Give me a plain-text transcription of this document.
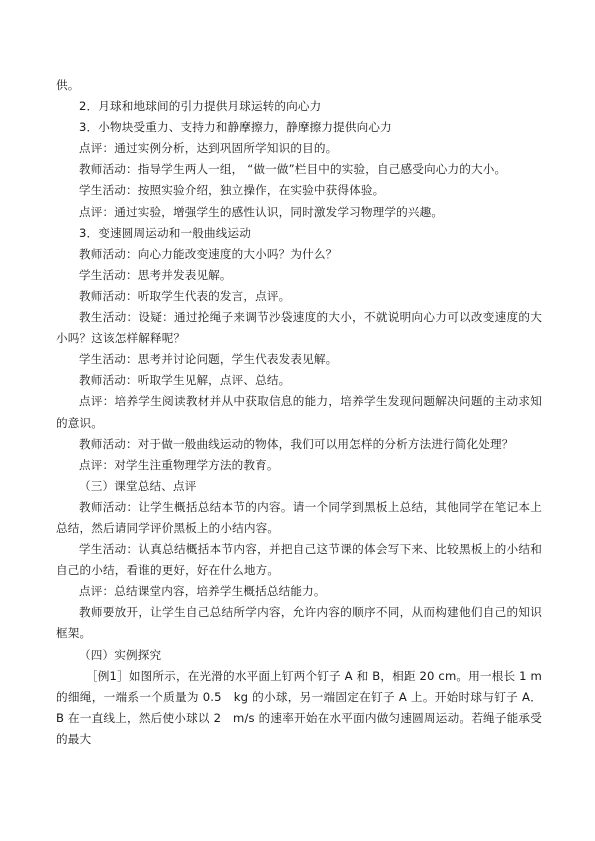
供。

2．月球和地球间的引力提供月球运转的向心力

3．小物块受重力、支持力和静摩擦力，静摩擦力提供向心力

点评：通过实例分析，达到巩固所学知识的目的。

教师活动：指导学生两人一组， “做一做”栏目中的实验，自己感受向心力的大小。

学生活动：按照实验介绍，独立操作，在实验中获得体验。

点评：通过实验，增强学生的感性认识，同时激发学习物理学的兴趣。

3．变速圆周运动和一般曲线运动

教师活动：向心力能改变速度的大小吗？为什么？

学生活动：思考并发表见解。

教师活动：听取学生代表的发言，点评。

教生活动：设疑：通过抡绳子来调节沙袋速度的大小，不就说明向心力可以改变速度的大小吗？这该怎样解释呢？

学生活动：思考并讨论问题，学生代表发表见解。

教师活动：听取学生见解，点评、总结。

点评：培养学生阅读教材并从中获取信息的能力，培养学生发现问题解决问题的主动求知的意识。

教师活动：对于做一般曲线运动的物体，我们可以用怎样的分析方法进行简化处理？

点评：对学生注重物理学方法的教育。

（三）课堂总结、点评

教师活动：让学生概括总结本节的内容。请一个同学到黑板上总结，其他同学在笔记本上总结，然后请同学评价黑板上的小结内容。

学生活动：认真总结概括本节内容，并把自己这节课的体会写下来、比较黑板上的小结和自己的小结，看谁的更好，好在什么地方。

点评：总结课堂内容，培养学生概括总结能力。

教师要放开，让学生自己总结所学内容，允许内容的顺序不同，从而构建他们自己的知识框架。

（四）实例探究

［例1］如图所示，在光滑的水平面上钉两个钉子 A 和 B，相距 20 cm。用一根长 1 m 的细绳，一端系一个质量为 0.5　kg 的小球，另一端固定在钉子 A 上。开始时球与钉子 A．B 在一直线上，然后使小球以 2　m/s 的速率开始在水平面内做匀速圆周运动。若绳子能承受的最大
